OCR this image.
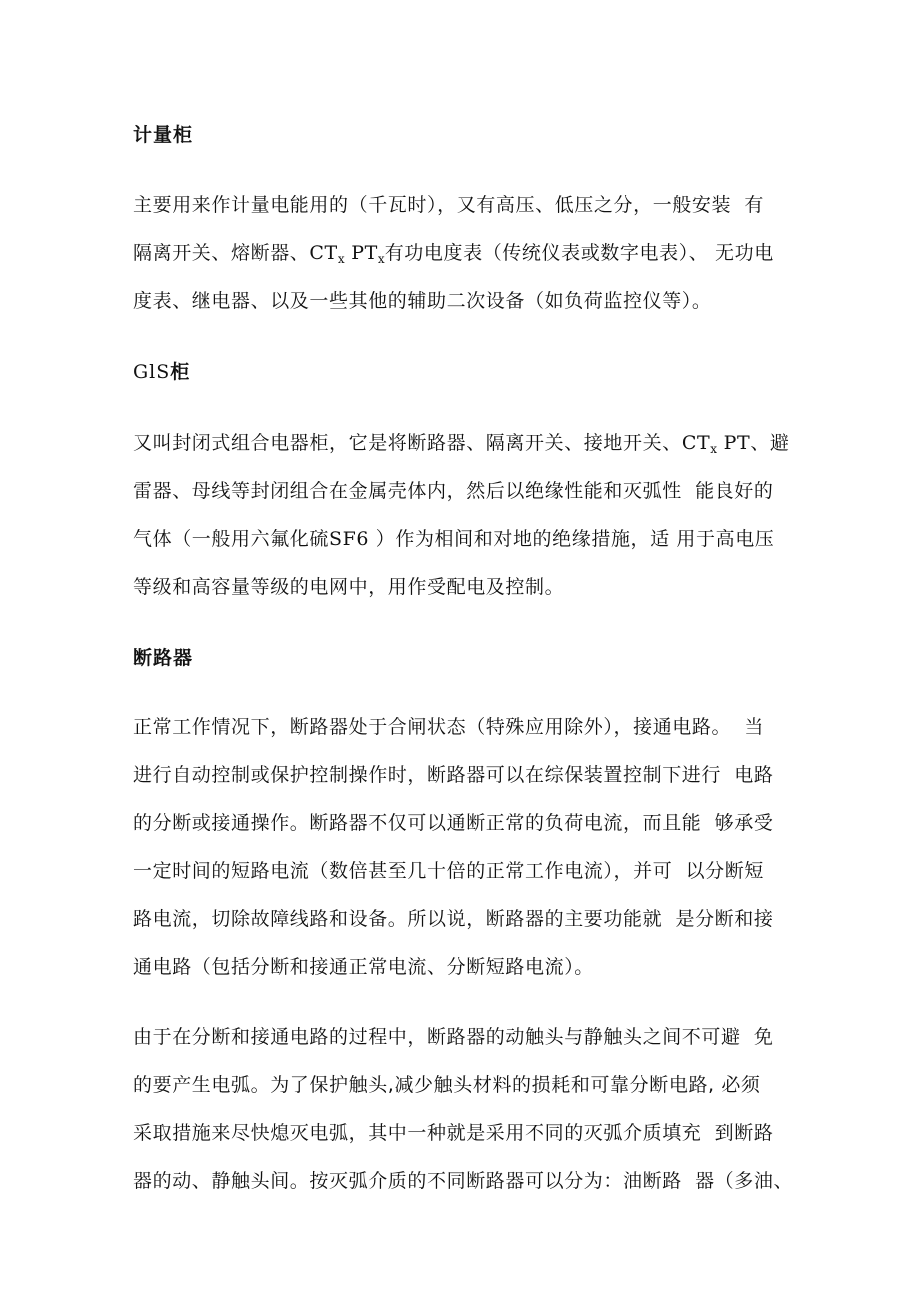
计量柜
主要用来作计量电能用的（千瓦时），又有高压、低压之分，一般安装  有
隔离开关、熔断器、$CT_x$ $PT_x$有功电度表（传统仪表或数字电表）、 无功电
度表、继电器、以及一些其他的辅助二次设备（如负荷监控仪等）。
GlS柜
又叫封闭式组合电器柜，它是将断路器、隔离开关、接地开关、$CT_x$ PT、避
雷器、母线等封闭组合在金属壳体内，然后以绝缘性能和灭弧性  能良好的
气体（一般用六氟化硫SF6 ）作为相间和对地的绝缘措施，适 用于高电压
等级和高容量等级的电网中，用作受配电及控制。
断路器
正常工作情况下，断路器处于合闸状态（特殊应用除外），接通电路。  当
进行自动控制或保护控制操作时，断路器可以在综保装置控制下进行  电路
的分断或接通操作。断路器不仅可以通断正常的负荷电流，而且能  够承受
一定时间的短路电流（数倍甚至几十倍的正常工作电流），并可  以分断短
路电流，切除故障线路和设备。所以说，断路器的主要功能就  是分断和接
通电路（包括分断和接通正常电流、分断短路电流）。
由于在分断和接通电路的过程中，断路器的动触头与静触头之间不可避  免
的要产生电弧。为了保护触头,减少触头材料的损耗和可靠分断电路, 必须
采取措施来尽快熄灭电弧，其中一种就是采用不同的灭弧介质填充  到断路
器的动、静触头间。按灭弧介质的不同断路器可以分为：油断路  器（多油、
